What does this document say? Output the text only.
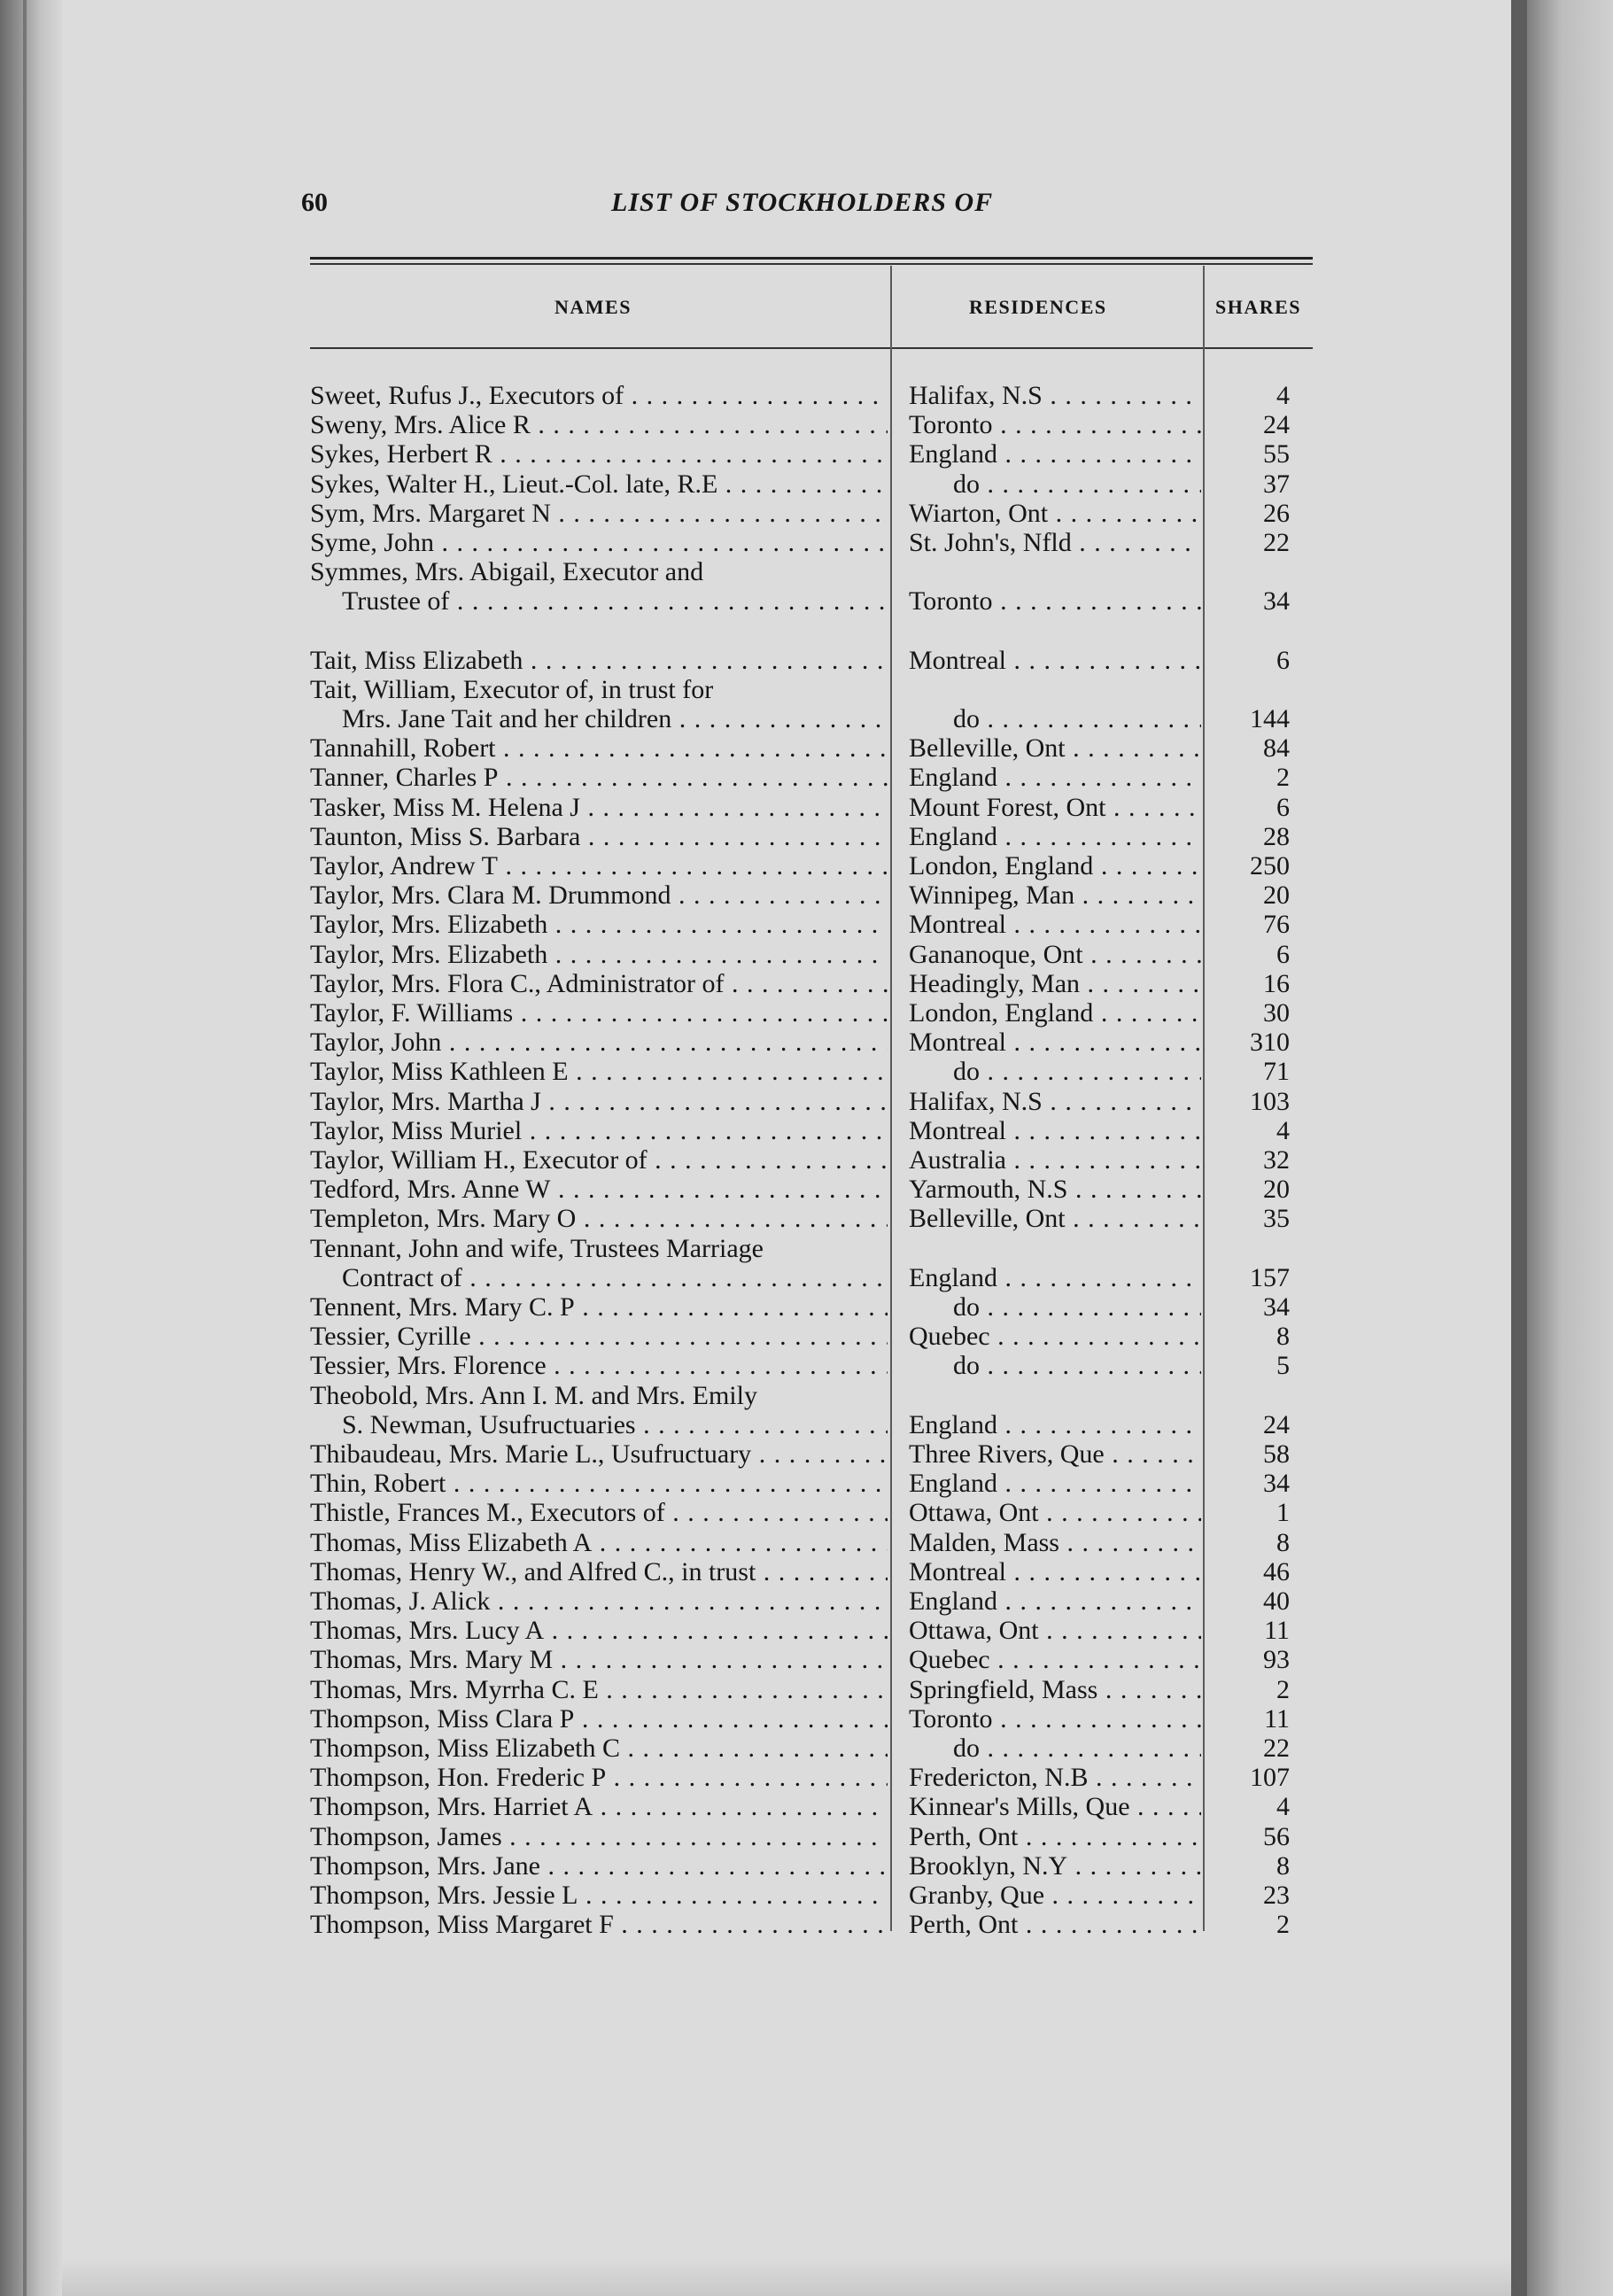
60	LIST OF STOCKHOLDERS OF
NAMES	RESIDENCES	SHARES
Sweet, Rufus J., Executors of . . .	Halifax, N.S . . .	4
Sweny, Mrs. Alice R . . .	Toronto . . .	24
Sykes, Herbert R . . .	England . . .	55
Sykes, Walter H., Lieut.-Col. late, R.E . . .	do . . .	37
Sym, Mrs. Margaret N . . .	Wiarton, Ont . . .	26
Syme, John . . .	St. John's, Nfld . . .	22
Symmes, Mrs. Abigail, Executor and
Trustee of . . .	Toronto . . .	34
Tait, Miss Elizabeth . . .	Montreal . . .	6
Tait, William, Executor of, in trust for
Mrs. Jane Tait and her children . . .	do . . .	144
Tannahill, Robert . . .	Belleville, Ont . . .	84
Tanner, Charles P . . .	England . . .	2
Tasker, Miss M. Helena J . . .	Mount Forest, Ont . . .	6
Taunton, Miss S. Barbara . . .	England . . .	28
Taylor, Andrew T . . .	London, England . . .	250
Taylor, Mrs. Clara M. Drummond . . .	Winnipeg, Man . . .	20
Taylor, Mrs. Elizabeth . . .	Montreal . . .	76
Taylor, Mrs. Elizabeth . . .	Gananoque, Ont . . .	6
Taylor, Mrs. Flora C., Administrator of . . .	Headingly, Man . . .	16
Taylor, F. Williams . . .	London, England . . .	30
Taylor, John . . .	Montreal . . .	310
Taylor, Miss Kathleen E . . .	do . . .	71
Taylor, Mrs. Martha J . . .	Halifax, N.S . . .	103
Taylor, Miss Muriel . . .	Montreal . . .	4
Taylor, William H., Executor of . . .	Australia . . .	32
Tedford, Mrs. Anne W . . .	Yarmouth, N.S . . .	20
Templeton, Mrs. Mary O . . .	Belleville, Ont . . .	35
Tennant, John and wife, Trustees Marriage
Contract of . . .	England . . .	157
Tennent, Mrs. Mary C. P . . .	do . . .	34
Tessier, Cyrille . . .	Quebec . . .	8
Tessier, Mrs. Florence . . .	do . . .	5
Theobold, Mrs. Ann I. M. and Mrs. Emily
S. Newman, Usufructuaries . . .	England . . .	24
Thibaudeau, Mrs. Marie L., Usufructuary . . .	Three Rivers, Que . . .	58
Thin, Robert . . .	England . . .	34
Thistle, Frances M., Executors of . . .	Ottawa, Ont . . .	1
Thomas, Miss Elizabeth A . . .	Malden, Mass . . .	8
Thomas, Henry W., and Alfred C., in trust . . .	Montreal . . .	46
Thomas, J. Alick . . .	England . . .	40
Thomas, Mrs. Lucy A . . .	Ottawa, Ont . . .	11
Thomas, Mrs. Mary M . . .	Quebec . . .	93
Thomas, Mrs. Myrrha C. E . . .	Springfield, Mass . . .	2
Thompson, Miss Clara P . . .	Toronto . . .	11
Thompson, Miss Elizabeth C . . .	do . . .	22
Thompson, Hon. Frederic P . . .	Fredericton, N.B . . .	107
Thompson, Mrs. Harriet A . . .	Kinnear's Mills, Que . . .	4
Thompson, James . . .	Perth, Ont . . .	56
Thompson, Mrs. Jane . . .	Brooklyn, N.Y . . .	8
Thompson, Mrs. Jessie L . . .	Granby, Que . . .	23
Thompson, Miss Margaret F . . .	Perth, Ont . . .	2
